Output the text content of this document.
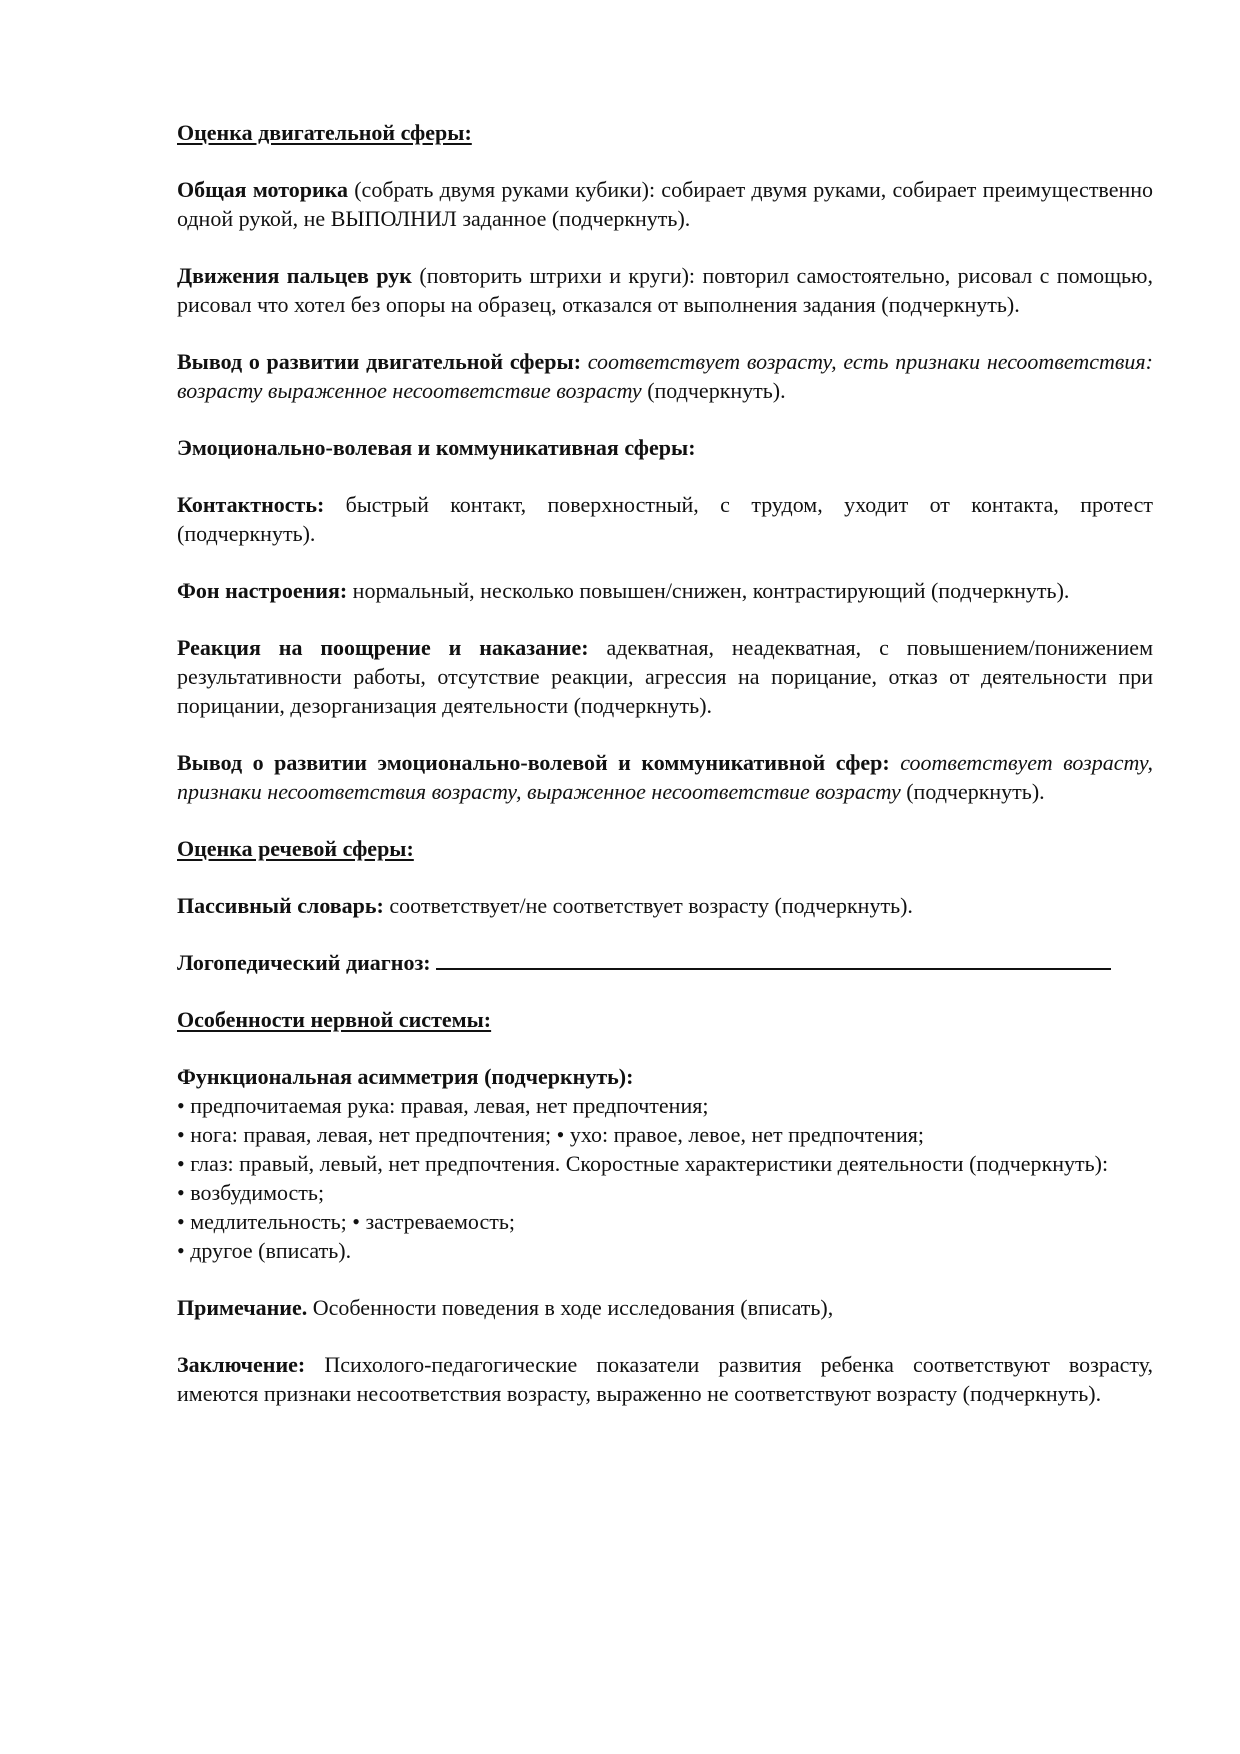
Оценка двигательной сферы:
Общая моторика (собрать двумя руками кубики): собирает двумя руками, собирает преимущественно одной рукой, не ВЫПОЛНИЛ заданное (подчеркнуть).
Движения пальцев рук (повторить штрихи и круги): повторил самостоятельно, рисовал с помощью, рисовал что хотел без опоры на образец, отказался от выполнения задания (подчеркнуть).
Вывод о развитии двигательной сферы: соответствует возрасту, есть признаки несоответствия: возрасту выраженное несоответствие возрасту (подчеркнуть).
Эмоционально-волевая и коммуникативная сферы:
Контактность: быстрый контакт, поверхностный, с трудом, уходит от контакта, протест (подчеркнуть).
Фон настроения: нормальный, несколько повышен/снижен, контрастирующий (подчеркнуть).
Реакция на поощрение и наказание: адекватная, неадекватная, с повышением/понижением результативности работы, отсутствие реакции, агрессия на порицание, отказ от деятельности при порицании, дезорганизация деятельности (подчеркнуть).
Вывод о развитии эмоционально-волевой и коммуникативной сфер: соответствует возрасту, признаки несоответствия возрасту, выраженное несоответствие возрасту (подчеркнуть).
Оценка речевой сферы:
Пассивный словарь: соответствует/не соответствует возрасту (подчеркнуть).
Логопедический диагноз:
Особенности нервной системы:
Функциональная асимметрия (подчеркнуть):
• предпочитаемая рука: правая, левая, нет предпочтения;
• нога: правая, левая, нет предпочтения; • ухо: правое, левое, нет предпочтения;
• глаз: правый, левый, нет предпочтения. Скоростные характеристики деятельности (подчеркнуть):
• возбудимость;
• медлительность; • застреваемость;
• другое (вписать).
Примечание. Особенности поведения в ходе исследования (вписать),
Заключение: Психолого-педагогические показатели развития ребенка соответствуют возрасту, имеются признаки несоответствия возрасту, выраженно не соответствуют возрасту (подчеркнуть).
